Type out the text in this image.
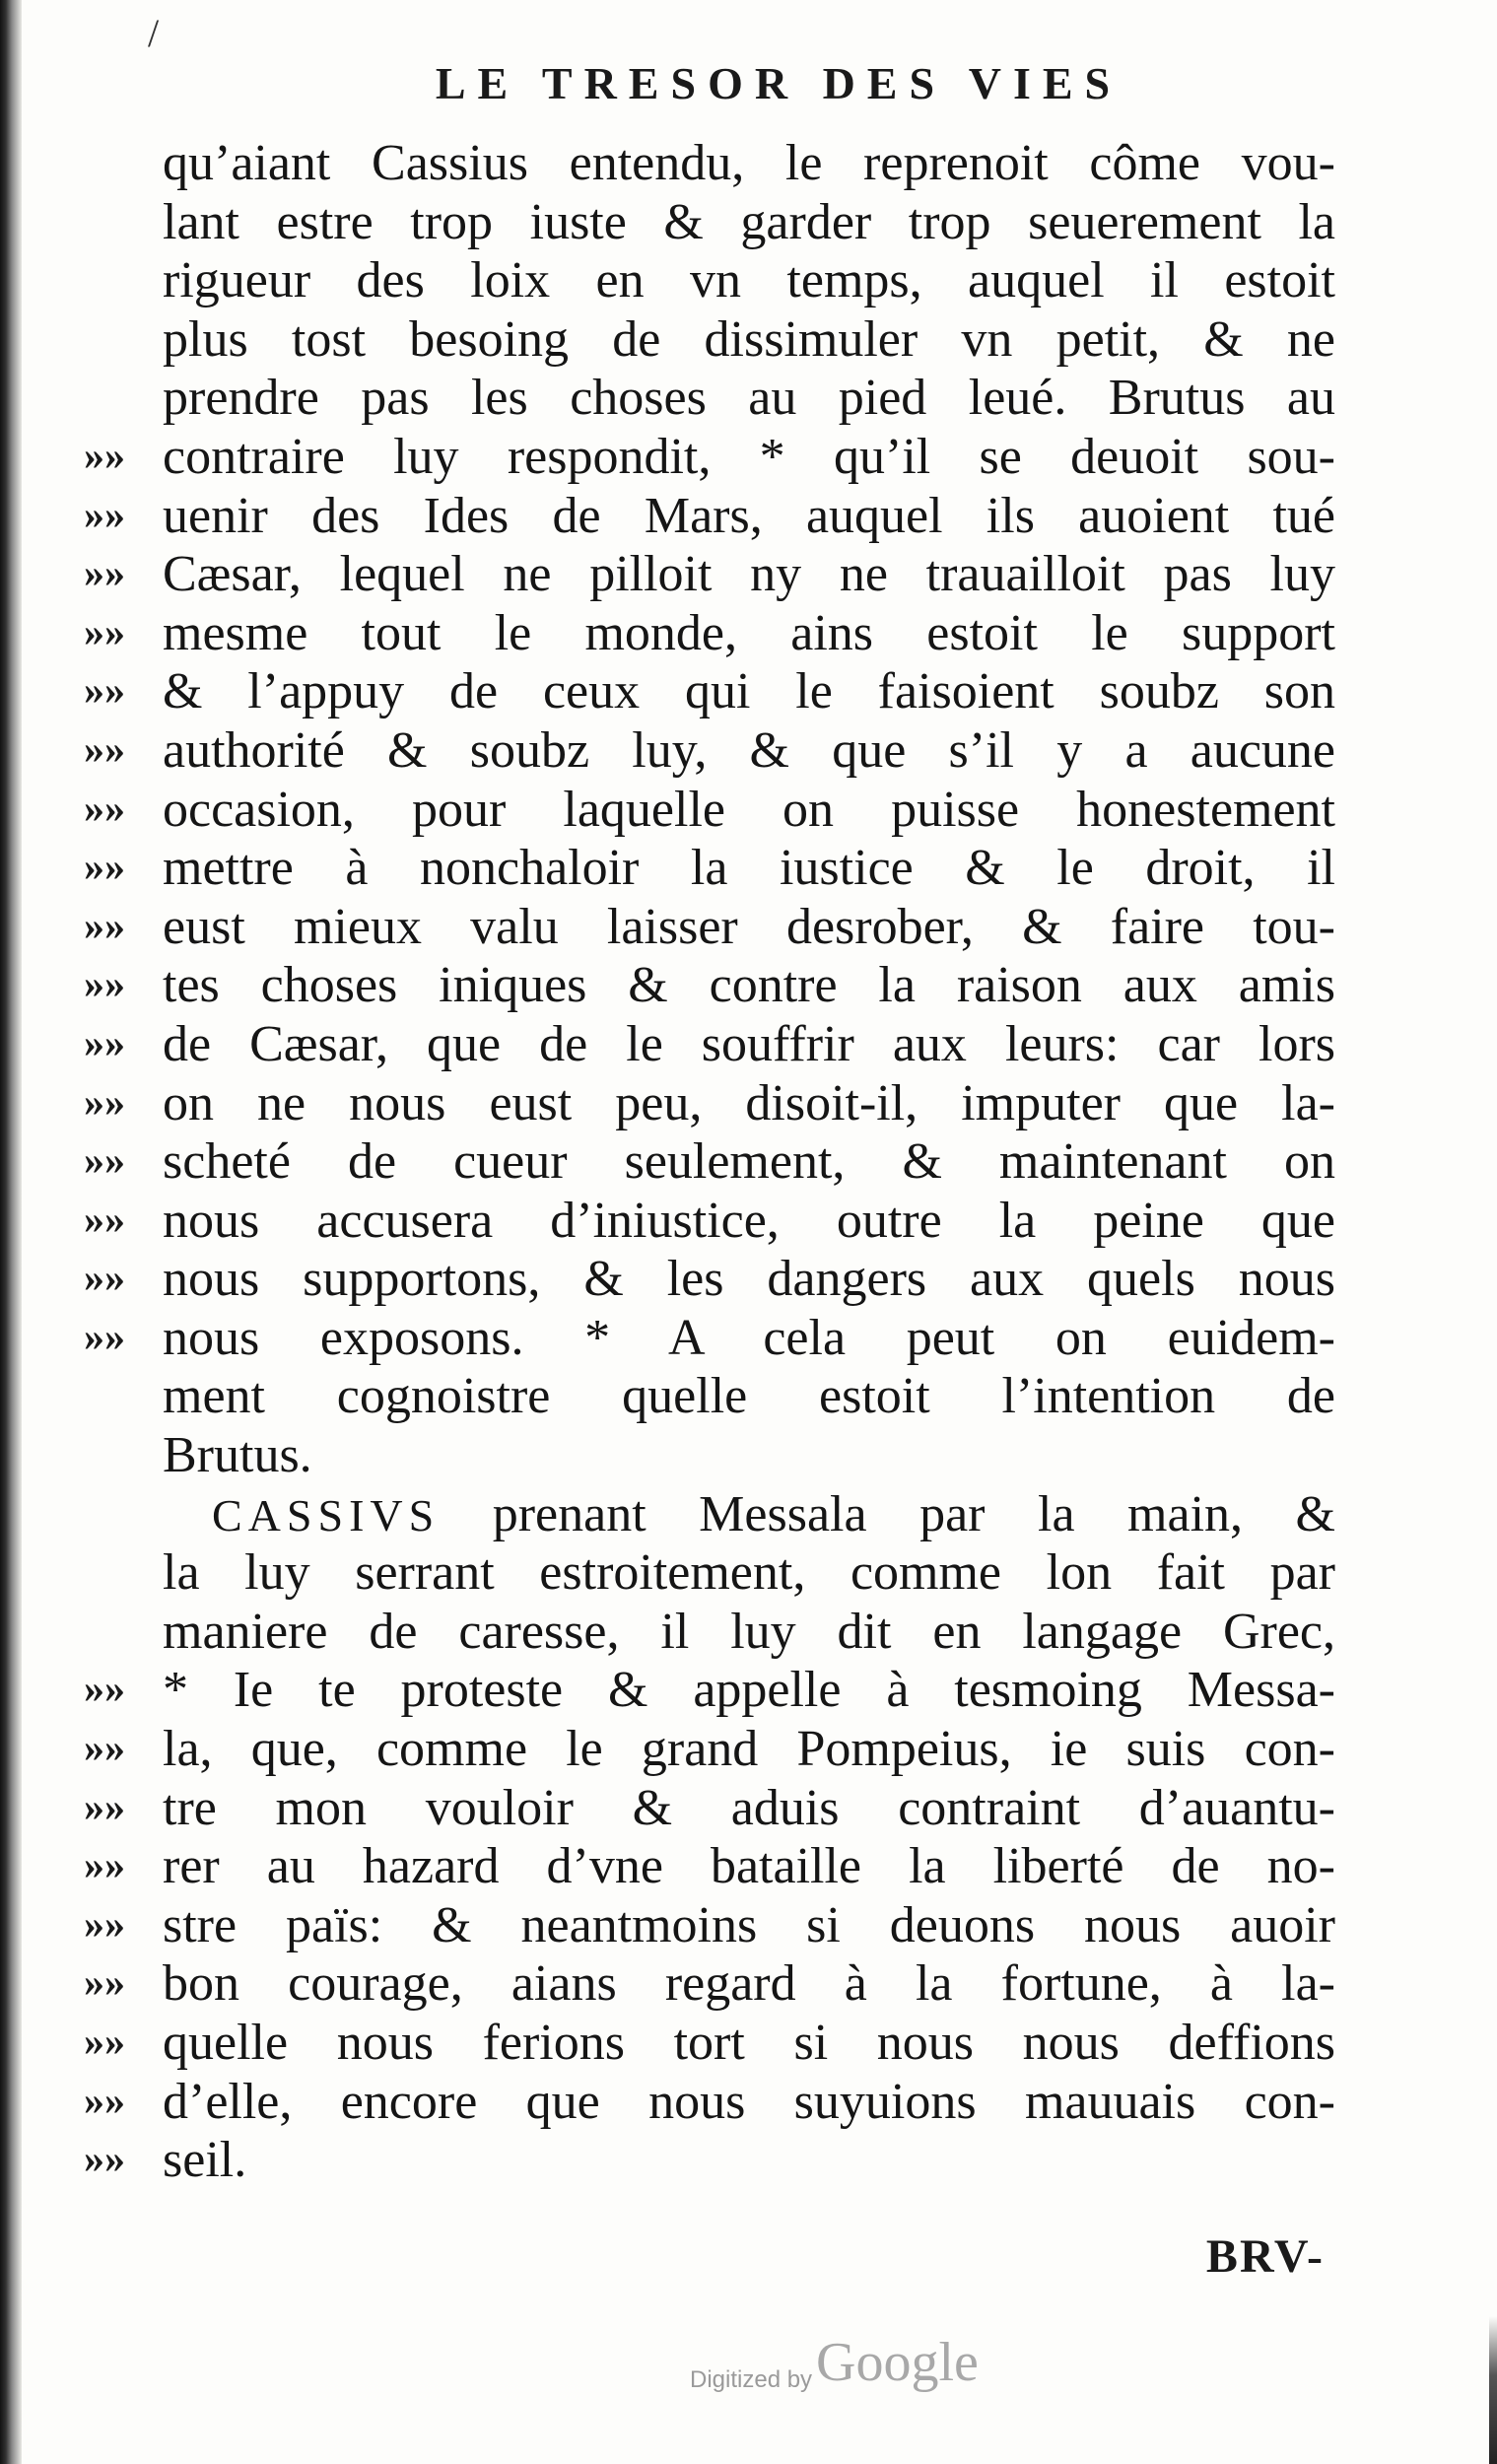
/
LE TRESOR DES VIES
qu’aiant Cassius entendu, le reprenoit côme vou-
lant estre trop iuste & garder trop seuerement la
rigueur des loix en vn temps, auquel il estoit
plus tost besoing de dissimuler vn petit, & ne
prendre pas les choses au pied leué. Brutus au
»» contraire luy respondit, * qu’il se deuoit sou-
»» uenir des Ides de Mars, auquel ils auoient tué
»» Cæsar, lequel ne pilloit ny ne trauailloit pas luy
»» mesme tout le monde, ains estoit le support
»» & l’appuy de ceux qui le faisoient soubz son
»» authorité & soubz luy, & que s’il y a aucune
»» occasion, pour laquelle on puisse honestement
»» mettre à nonchaloir la iustice & le droit, il
»» eust mieux valu laisser desrober, & faire tou-
»» tes choses iniques & contre la raison aux amis
»» de Cæsar, que de le souffrir aux leurs: car lors
»» on ne nous eust peu, disoit-il, imputer que la-
»» scheté de cueur seulement, & maintenant on
»» nous accusera d’iniustice, outre la peine que
»» nous supportons, & les dangers aux quels nous
»» nous exposons. * A cela peut on euidem-
ment cognoistre quelle estoit l’intention de
Brutus.
CASSIVS prenant Messala par la main, &
la luy serrant estroitement, comme lon fait par
maniere de caresse, il luy dit en langage Grec,
»» * Ie te proteste & appelle à tesmoing Messa-
»» la, que, comme le grand Pompeius, ie suis con-
»» tre mon vouloir & aduis contraint d’auantu-
»» rer au hazard d’vne bataille la liberté de no-
»» stre païs: & neantmoins si deuons nous auoir
»» bon courage, aians regard à la fortune, à la-
»» quelle nous ferions tort si nous nous deffions
»» d’elle, encore que nous suyuions mauuais con-
»» seil.
BRV-
Digitized by Google
